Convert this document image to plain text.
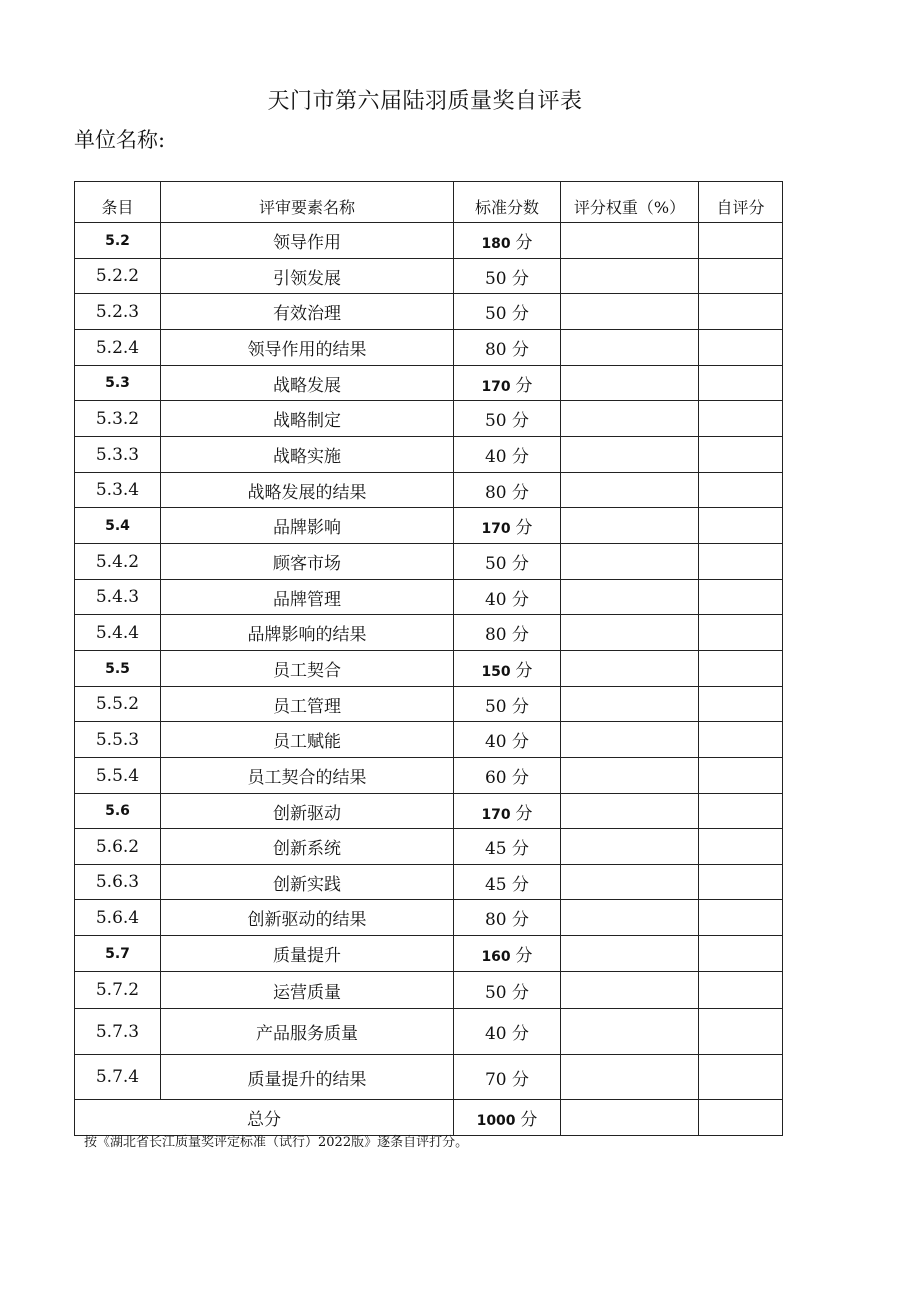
天门市第六届陆羽质量奖自评表
单位名称:
条目	评审要素名称	标准分数	评分权重（%）	自评分
5.2	领导作用	180 分		
5.2.2	引领发展	50 分		
5.2.3	有效治理	50 分		
5.2.4	领导作用的结果	80 分		
5.3	战略发展	170 分		
5.3.2	战略制定	50 分		
5.3.3	战略实施	40 分		
5.3.4	战略发展的结果	80 分		
5.4	品牌影响	170 分		
5.4.2	顾客市场	50 分		
5.4.3	品牌管理	40 分		
5.4.4	品牌影响的结果	80 分		
5.5	员工契合	150 分		
5.5.2	员工管理	50 分		
5.5.3	员工赋能	40 分		
5.5.4	员工契合的结果	60 分		
5.6	创新驱动	170 分		
5.6.2	创新系统	45 分		
5.6.3	创新实践	45 分		
5.6.4	创新驱动的结果	80 分		
5.7	质量提升	160 分		
5.7.2	运营质量	50 分		
5.7.3	产品服务质量	40 分		
5.7.4	质量提升的结果	70 分		
总分		1000 分		
按《湖北省长江质量奖评定标准（试行）2022版》逐条自评打分。
